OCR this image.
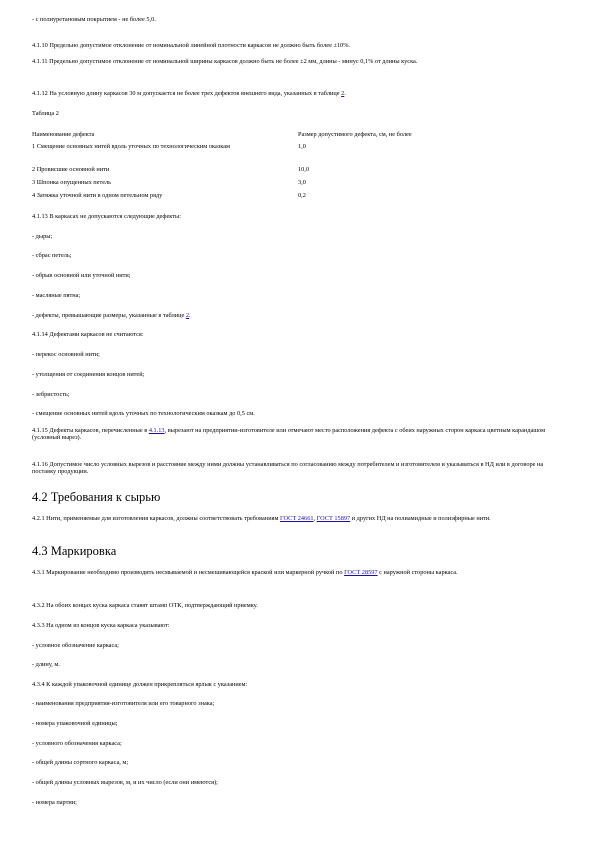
- с полиуретановым покрытием - не более 5,0.
4.1.10 Предельно допустимое отклонение от номинальной линейной плотности каркасов не должно быть более ±10%.
4.1.11 Предельно допустимое отклонение от номинальной ширины каркасов должно быть не более ±2 мм, длины - минус 0,1% от длины куска.
4.1.12 На условную длину каркасов 30 м допускается не более трех дефектов внешнего вида, указанных в таблице 2.
Таблица 2
Наименование дефекта	Размер допустимого дефекта, см, не более
1 Смещение основных нитей вдоль уточных по технологическим оказкам	1,0
2 Провисшие основной нити	10,0
3 Шпонка опущенных петель	3,0
4 Затяжка уточной нити в одном петельном ряду	0,2
4.1.13 В каркасах не допускаются следующие дефекты:
- дыры;
- сбрас петель;
- обрыв основной или уточной нити;
- масляные пятна;
- дефекты, превышающие размеры, указанные в таблице 2.
4.1.14 Дефектами каркасов не считаются:
- перекос основной нити;
- утолщения от соединения концов нитей;
- зебристость;
- смещение основных нитей вдоль уточных по технологическим оказкам до 0,5 см.
4.1.15 Дефекты каркасов, перечисленные в 4.1.13, вырезают на предприятии-изготовителе или отмечают место расположения дефекта с обеих наружных сторон каркаса цветным карандашом (условный вырез).
4.1.16 Допустимое число условных вырезов и расстояние между ними должны устанавливаться по согласованию между потребителем и изготовителем и указываться в НД или в договоре на поставку продукции.
4.2 Требования к сырью
4.2.1 Нити, применяемые для изготовления каркасов, должны соответствовать требованиям ГОСТ 24661, ГОСТ 15897 и других НД на полиамидные и полиэфирные нити.
4.3 Маркировка
4.3.1 Маркирование необходимо производить несмываемой и несмешивающейся краской или маркерной ручкой по ГОСТ 28597 с наружной стороны каркаса.
4.3.2 На обоих концах куска каркаса ставят штамп ОТК, подтверждающий приемку.
4.3.3 На одном из концов куска каркаса указывают:
- условное обозначение каркаса;
- длину, м.
4.3.4 К каждой упаковочной единице должен прикрепляться ярлык с указанием:
- наименования предприятия-изготовителя или его товарного знака;
- номера упаковочной единицы;
- условного обозначения каркаса;
- общей длины сортного каркаса, м;
- общей длины условных вырезов, м, и их число (если они имеются);
- номера партии;
